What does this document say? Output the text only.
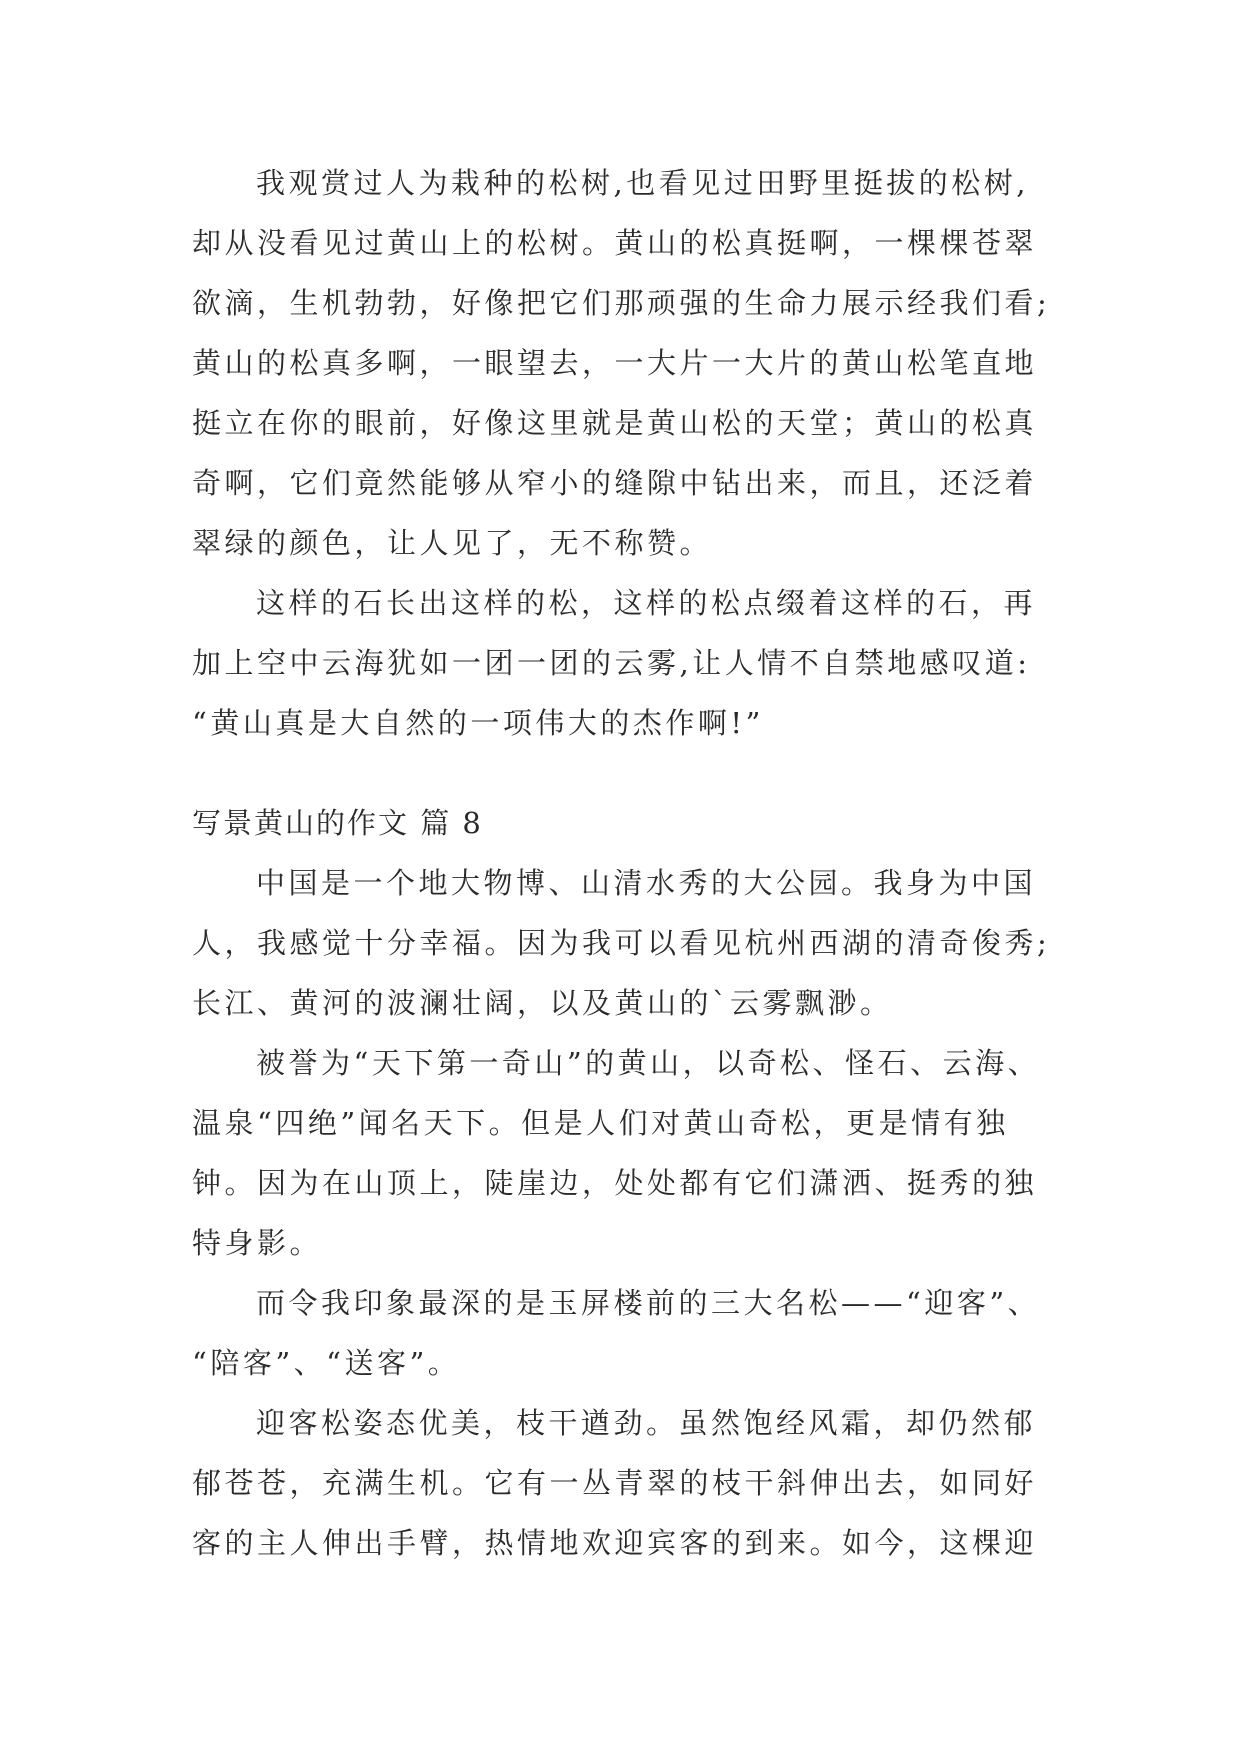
我观赏过人为栽种的松树,也看见过田野里挺拔的松树,
却从没看见过黄山上的松树。黄山的松真挺啊，一棵棵苍翠
欲滴，生机勃勃，好像把它们那顽强的生命力展示经我们看;
黄山的松真多啊，一眼望去，一大片一大片的黄山松笔直地
挺立在你的眼前，好像这里就是黄山松的天堂；黄山的松真
奇啊，它们竟然能够从窄小的缝隙中钻出来，而且，还泛着
翠绿的颜色，让人见了，无不称赞。
这样的石长出这样的松，这样的松点缀着这样的石，再
加上空中云海犹如一团一团的云雾,让人情不自禁地感叹道:
“黄山真是大自然的一项伟大的杰作啊!”
写景黄山的作文 篇 8
中国是一个地大物博、山清水秀的大公园。我身为中国
人，我感觉十分幸福。因为我可以看见杭州西湖的清奇俊秀;
长江、黄河的波澜壮阔，以及黄山的`云雾飘渺。
被誉为“天下第一奇山”的黄山，以奇松、怪石、云海、
温泉“四绝”闻名天下。但是人们对黄山奇松，更是情有独
钟。因为在山顶上，陡崖边，处处都有它们潇洒、挺秀的独
特身影。
而令我印象最深的是玉屏楼前的三大名松——“迎客”、
“陪客”、“送客”。
迎客松姿态优美，枝干遒劲。虽然饱经风霜，却仍然郁
郁苍苍，充满生机。它有一丛青翠的枝干斜伸出去，如同好
客的主人伸出手臂，热情地欢迎宾客的到来。如今，这棵迎
